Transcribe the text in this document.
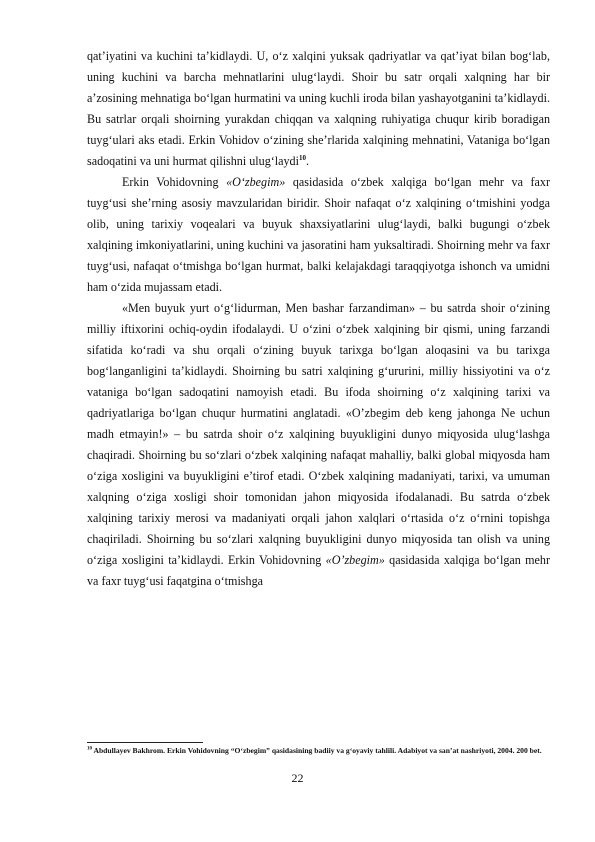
qat’iyatini va kuchini ta’kidlaydi. U, o‘z xalqini yuksak qadriyatlar va qat’iyat bilan bog‘lab, uning kuchini va barcha mehnatlarini ulug‘laydi. Shoir bu satr orqali xalqning har bir a’zosining mehnatiga bo‘lgan hurmatini va uning kuchli iroda bilan yashayotganini ta’kidlaydi. Bu satrlar orqali shoirning yurakdan chiqqan va xalqning ruhiyatiga chuqur kirib boradigan tuyg‘ulari aks etadi. Erkin Vohidov o‘zining she’rlarida xalqining mehnatini, Vataniga bo‘lgan sadoqatini va uni hurmat qilishni ulug‘laydi$^{10}$.

Erkin Vohidovning «O‘zbegim» qasidasida o‘zbek xalqiga bo‘lgan mehr va faxr tuyg‘usi she’rning asosiy mavzularidan biridir. Shoir nafaqat o‘z xalqining o‘tmishini yodga olib, uning tarixiy voqealari va buyuk shaxsiyatlarini ulug‘laydi, balki bugungi o‘zbek xalqining imkoniyatlarini, uning kuchini va jasoratini ham yuksaltiradi. Shoirning mehr va faxr tuyg‘usi, nafaqat o‘tmishga bo‘lgan hurmat, balki kelajakdagi taraqqiyotga ishonch va umidni ham o‘zida mujassam etadi.

«Men buyuk yurt o‘g‘lidurman, Men bashar farzandiman» – bu satrda shoir o‘zining milliy iftixorini ochiq-oydin ifodalaydi. U o‘zini o‘zbek xalqining bir qismi, uning farzandi sifatida ko‘radi va shu orqali o‘zining buyuk tarixga bo‘lgan aloqasini va bu tarixga bog‘langanligini ta’kidlaydi. Shoirning bu satri xalqining g‘ururini, milliy hissiyotini va o‘z vataniga bo‘lgan sadoqatini namoyish etadi. Bu ifoda shoirning o‘z xalqining tarixi va qadriyatlariga bo‘lgan chuqur hurmatini anglatadi. «O’zbegim deb keng jahonga Ne uchun madh etmayin!» – bu satrda shoir o‘z xalqining buyukligini dunyo miqyosida ulug‘lashga chaqiradi. Shoirning bu so‘zlari o‘zbek xalqining nafaqat mahalliy, balki global miqyosda ham o‘ziga xosligini va buyukligini e’tirof etadi. O‘zbek xalqining madaniyati, tarixi, va umuman xalqning o‘ziga xosligi shoir tomonidan jahon miqyosida ifodalanadi. Bu satrda o‘zbek xalqining tarixiy merosi va madaniyati orqali jahon xalqlari o‘rtasida o‘z o‘rnini topishga chaqiriladi. Shoirning bu so‘zlari xalqning buyukligini dunyo miqyosida tan olish va uning o‘ziga xosligini ta’kidlaydi. Erkin Vohidovning «O’zbegim» qasidasida xalqiga bo‘lgan mehr va faxr tuyg‘usi faqatgina o‘tmishga

$^{10}$ Abdullayev Bakhrom. Erkin Vohidovning “O‘zbegim” qasidasining badiiy va g‘oyaviy tahlili. Adabiyot va san’at nashriyoti, 2004. 200 bet.
22
